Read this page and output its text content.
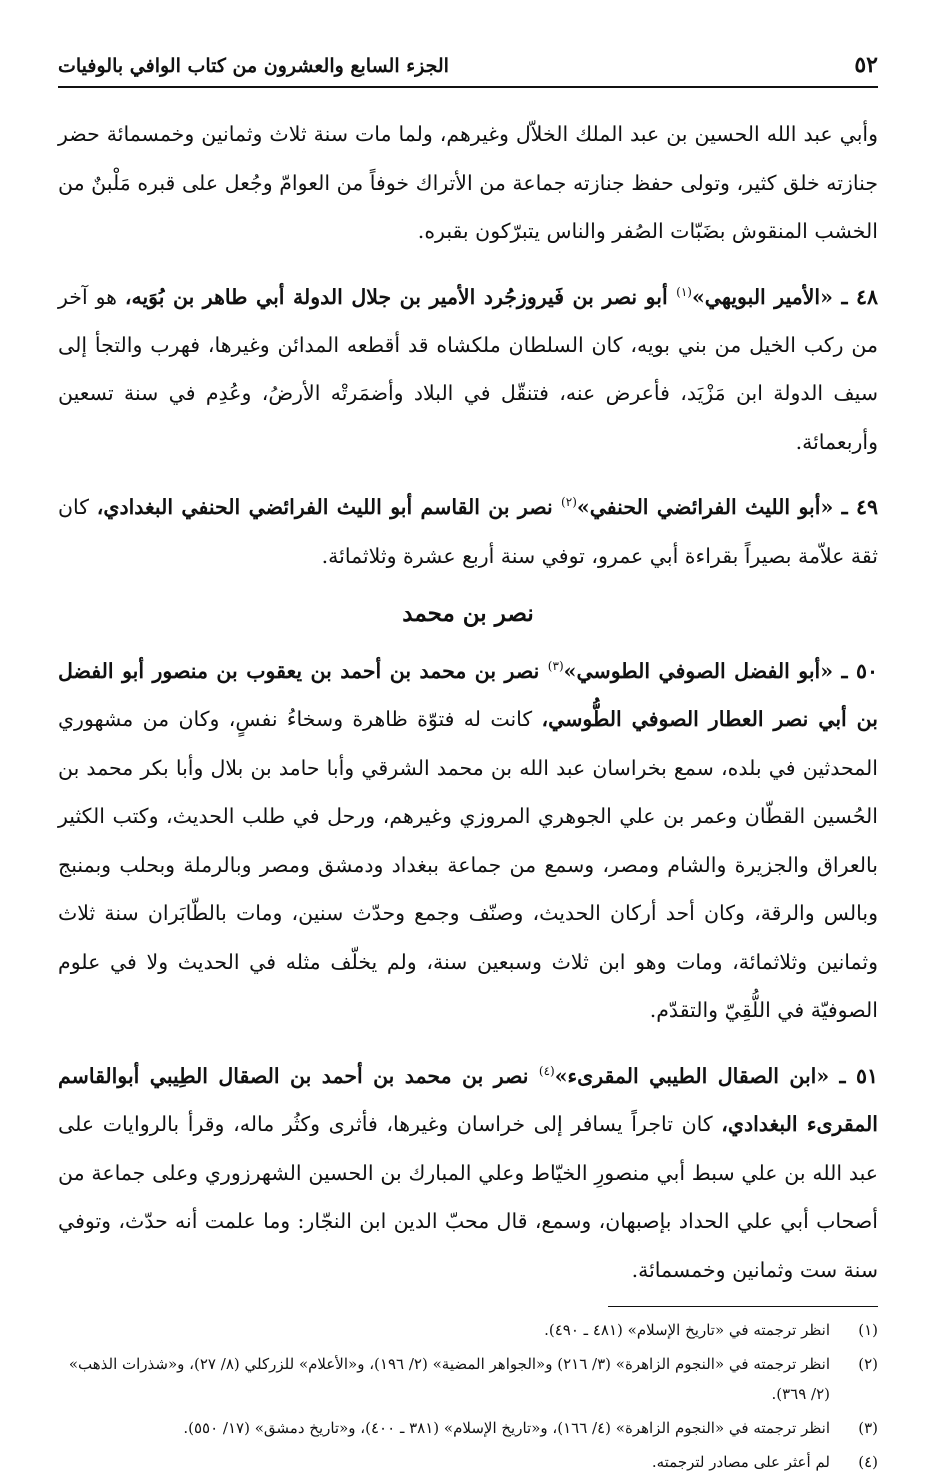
٥٢
الجزء السابع والعشرون من كتاب الوافي بالوفيات

وأبي عبد الله الحسين بن عبد الملك الخلاّل وغيرهم، ولما مات سنة ثلاث وثمانين وخمسمائة حضر جنازته خلق كثير، وتولى حفظ جنازته جماعة من الأتراك خوفاً من العوامّ وجُعل على قبره مَلْبنٌ من الخشب المنقوش بضَبّات الصُفر والناس يتبرّكون بقبره.

٤٨ ـ «الأمير البويهي»$^{(١)}$ أبو نصر بن فَيروزجُرد الأمير بن جلال الدولة أبي طاهر بن بُوَيه، هو آخر من ركب الخيل من بني بويه، كان السلطان ملكشاه قد أقطعه المدائن وغيرها، فهرب والتجأ إلى سيف الدولة ابن مَزْيَد، فأعرض عنه، فتنقّل في البلاد وأضمَرتْه الأرضُ، وعُدِم في سنة تسعين وأربعمائة.

٤٩ ـ «أبو الليث الفرائضي الحنفي»$^{(٢)}$ نصر بن القاسم أبو الليث الفرائضي الحنفي البغدادي، كان ثقة علاّمة بصيراً بقراءة أبي عمرو، توفي سنة أربع عشرة وثلاثمائة.

نصر بن محمد

٥٠ ـ «أبو الفضل الصوفي الطوسي»$^{(٣)}$ نصر بن محمد بن أحمد بن يعقوب بن منصور أبو الفضل بن أبي نصر العطار الصوفي الطُّوسي، كانت له فتوّة ظاهرة وسخاءُ نفسٍ، وكان من مشهوري المحدثين في بلده، سمع بخراسان عبد الله بن محمد الشرقي وأبا حامد بن بلال وأبا بكر محمد بن الحُسين القطّان وعمر بن علي الجوهري المروزي وغيرهم، ورحل في طلب الحديث، وكتب الكثير بالعراق والجزيرة والشام ومصر، وسمع من جماعة ببغداد ودمشق ومصر وبالرملة وبحلب وبمنبج وبالس والرقة، وكان أحد أركان الحديث، وصنّف وجمع وحدّث سنين، ومات بالطّابَران سنة ثلاث وثمانين وثلاثمائة، ومات وهو ابن ثلاث وسبعين سنة، ولم يخلّف مثله في الحديث ولا في علوم الصوفيّة في اللُّقِيّ والتقدّم.

٥١ ـ «ابن الصقال الطيبي المقرىء»$^{(٤)}$ نصر بن محمد بن أحمد بن الصقال الطِيبي أبوالقاسم المقرىء البغدادي، كان تاجراً يسافر إلى خراسان وغيرها، فأثرى وكثُر ماله، وقرأ بالروايات على عبد الله بن علي سبط أبي منصورِ الخيّاط وعلي المبارك بن الحسين الشهرزوري وعلى جماعة من أصحاب أبي علي الحداد بإصبهان، وسمع، قال محبّ الدين ابن النجّار: وما علمت أنه حدّث، وتوفي سنة ست وثمانين وخمسمائة.

(١)
انظر ترجمته في «تاريخ الإسلام» (٤٨١ ـ ٤٩٠).
(٢)
انظر ترجمته في «النجوم الزاهرة» (٣/ ٢١٦) و«الجواهر المضية» (٢/ ١٩٦)، و«الأعلام» للزركلي (٨/ ٢٧)، و«شذرات الذهب» (٢/ ٣٦٩).
(٣)
انظر ترجمته في «النجوم الزاهرة» (٤/ ١٦٦)، و«تاريخ الإسلام» (٣٨١ ـ ٤٠٠)، و«تاريخ دمشق» (١٧/ ٥٥٠).
(٤)
لم أعثر على مصادر لترجمته.
